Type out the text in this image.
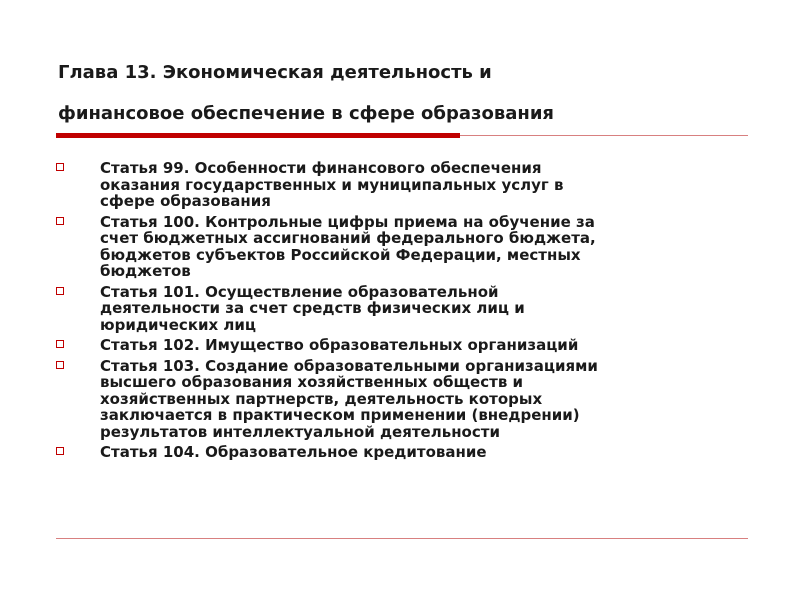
Глава 13. Экономическая деятельность и
финансовое обеспечение в сфере образования
Статья 99. Особенности финансового обеспечения
оказания государственных и муниципальных услуг в
сфере образования
Статья 100. Контрольные цифры приема на обучение за
счет бюджетных ассигнований федерального бюджета,
бюджетов субъектов Российской Федерации, местных
бюджетов
Статья 101. Осуществление образовательной
деятельности за счет средств физических лиц и
юридических лиц
Статья 102. Имущество образовательных организаций
Статья 103. Создание образовательными организациями
высшего образования хозяйственных обществ и
хозяйственных партнерств, деятельность которых
заключается в практическом применении (внедрении)
результатов интеллектуальной деятельности
Статья 104. Образовательное кредитование
